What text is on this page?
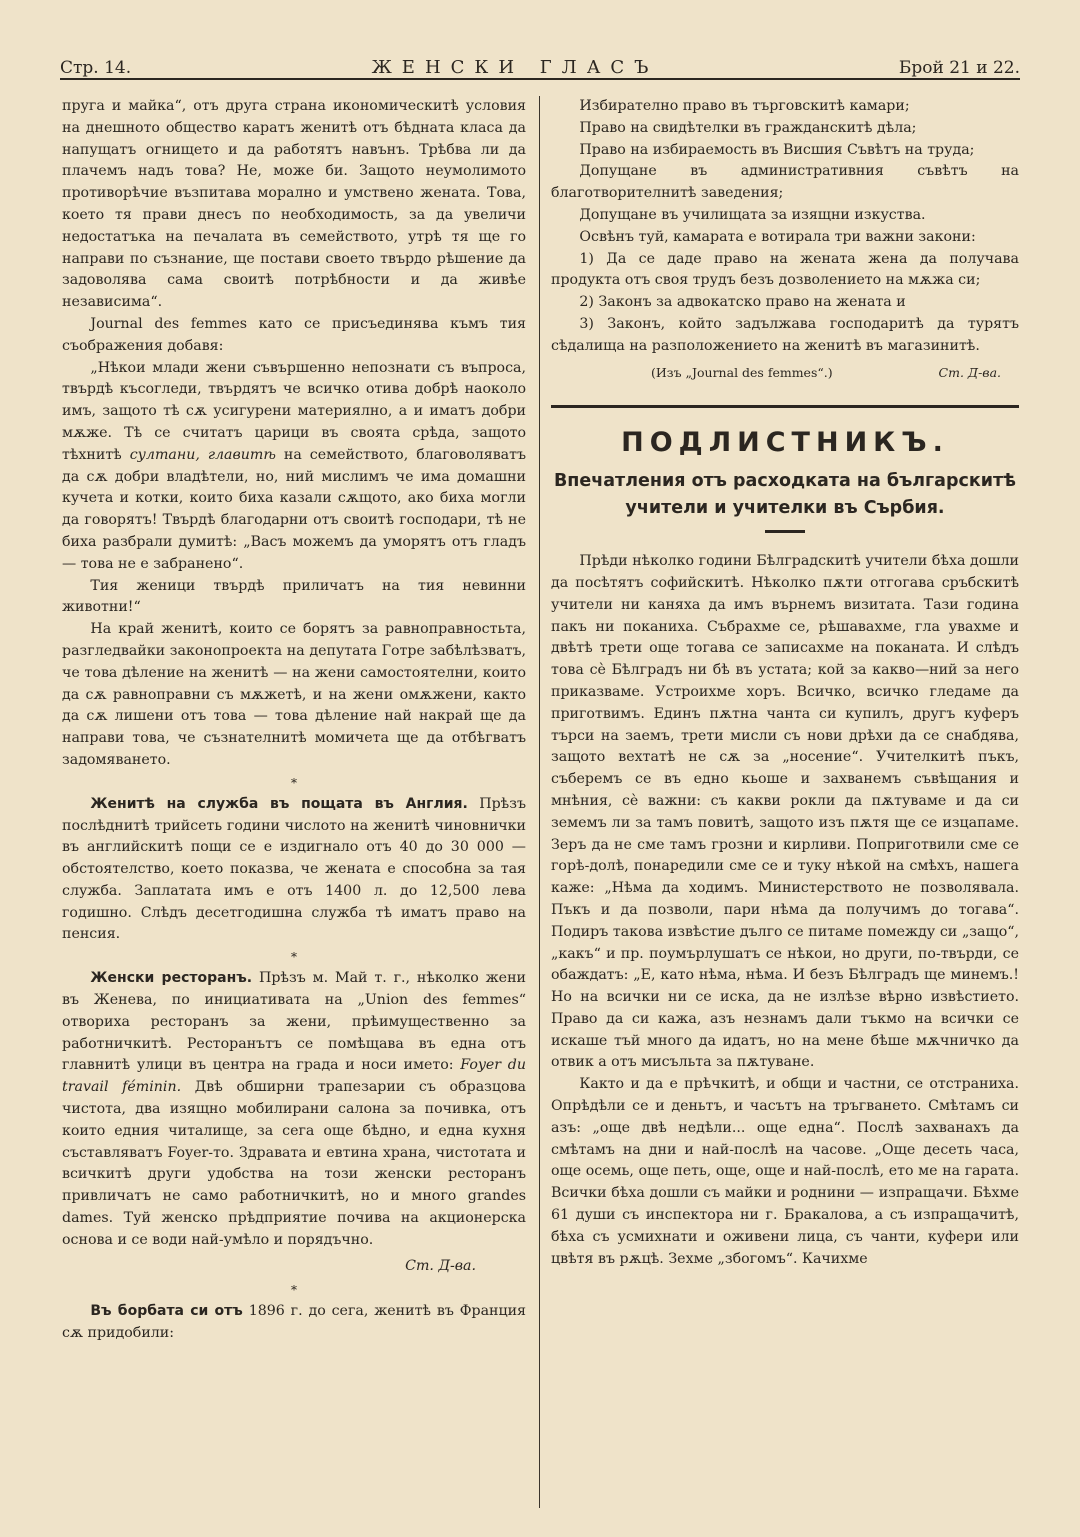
Стр. 14.	ЖЕНСКИ ГЛАСЪ	Брой 21 и 22.

пруга и майка“, отъ друга страна икономическитѣ условия на днешното общество каратъ женитѣ отъ бѣдната класа да напущатъ огнището и да работятъ навънъ. Трѣбва ли да плачемъ надъ това? Не, може би. Защото неумолимото противорѣчие възпитава морално и умствено жената. Това, което тя прави днесъ по необходимость, за да увеличи недостатъка на печалата въ семейството, утрѣ тя ще го направи по съзнание, ще постави своето твърдо рѣшение да задоволява сама своитѣ потрѣбности и да живѣе независима“.

Journal des femmes като се присъединява къмъ тия съображения добавя:

„Нѣкои млади жени съвършенно непознати съ въпроса, твърдѣ късогледи, твърдятъ че всичко отива добрѣ наоколо имъ, защото тѣ сѫ усигурени материялно, а и иматъ добри мѫже. Тѣ се считатъ царици въ своята срѣда, защото тѣхнитѣ султани, главитѣ на семейството, благоволяватъ да сѫ добри владѣтели, но, ний мислимъ че има домашни кучета и котки, които биха казали сѫщото, ако биха могли да говорятъ! Твърдѣ благодарни отъ своитѣ господари, тѣ не биха разбрали думитѣ: „Васъ можемъ да уморятъ отъ гладъ — това не е забранено“.

Тия женици твърдѣ приличатъ на тия невинни животни!“

На край женитѣ, които се борятъ за равноправностьта, разгледвайки законопроекта на депутата Готре забѣлѣзватъ, че това дѣление на женитѣ — на жени самостоятелни, които да сѫ равноправни съ мѫжетѣ, и на жени омѫжени, както да сѫ лишени отъ това — това дѣление най накрай ще да направи това, че съзнателнитѣ момичета ще да отбѣгватъ задомяването.

*

Женитѣ на служба въ пощата въ Англия. Прѣзъ послѣднитѣ трийсеть години числото на женитѣ чиновнички въ английскитѣ пощи се е издигнало отъ 40 до 30 000 — обстоятелство, което показва, че жената е способна за тая служба. Заплатата имъ е отъ 1400 л. до 12,500 лева годишно. Слѣдъ десетгодишна служба тѣ иматъ право на пенсия.

*

Женски ресторанъ. Прѣзъ м. Май т. г., нѣколко жени въ Женева, по инициативата на „Union des femmes“ отвориха ресторанъ за жени, прѣимущественно за работничкитѣ. Ресторанътъ се помѣщава въ една отъ главнитѣ улици въ центра на града и носи името: Foyer du travail féminin. Двѣ обширни трапезарии съ образцова чистота, два изящно мобилирани салона за почивка, отъ които едния читалище, за сега още бѣдно, и една кухня съставляватъ Foyer-то. Здравата и евтина храна, чистотата и всичкитѣ други удобства на този женски ресторанъ привличатъ не само работничкитѣ, но и много grandes dames. Туй женско прѣдприятие почива на акционерска основа и се води най-умѣло и порядъчно.

Ст. Д-ва.
*

Въ борбата си отъ 1896 г. до сега, женитѣ въ Франция сѫ придобили:

Избирателно право въ търговскитѣ камари;

Право на свидѣтелки въ гражданскитѣ дѣла;

Право на избираемость въ Висшия Съвѣтъ на труда;

Допущане въ административния съвѣтъ на благотворителнитѣ заведения;

Допущане въ училищата за изящни изкуства.

Освѣнъ туй, камарата е вотирала три важни закони:

1) Да се даде право на жената жена да получава продукта отъ своя трудъ безъ дозволението на мѫжа си;

2) Законъ за адвокатско право на жената и

3) Законъ, който задължава господаритѣ да турятъ сѣдалища на разположението на женитѣ въ магазинитѣ.

(Изъ „Journal des femmes“.)	Ст. Д-ва.
ПОДЛИСТНИКЪ.
Впечатления отъ расходката на българскитѣ учители и учителки въ Сърбия.

Прѣди нѣколко години Бѣлградскитѣ учители бѣха дошли да посѣтятъ софийскитѣ. Нѣколко пѫти отгогава сръбскитѣ учители ни каняха да имъ върнемъ визитата. Тази година пакъ ни поканиха. Събрахме се, рѣшавахме, гла увахме и двѣтѣ трети още тогава се записахме на поканата. И слѣдъ това сѐ Бѣлградъ ни бѣ въ устата; кой за какво—ний за него приказваме. Устроихме хоръ. Всичко, всичко гледаме да приготвимъ. Единъ пѫтна чанта си купилъ, другъ куферъ търси на заемъ, трети мисли съ нови дрѣхи да се снабдява, защото вехтатѣ не сѫ за „носение“. Учителкитѣ пъкъ, съберемъ се въ едно кьоше и захванемъ съвѣщания и мнѣния, сѐ важни: съ какви рокли да пѫтуваме и да си земемъ ли за тамъ повитѣ, защото изъ пѫтя ще се изцапаме. Зеръ да не сме тамъ грозни и кирливи. Поприготвили сме се горѣ-долѣ, понаредили сме се и туку нѣкой на смѣхъ, нашега каже: „Нѣма да ходимъ. Министерството не позволявала. Пъкъ и да позволи, пари нѣма да получимъ до тогава“. Подиръ такова извѣстие дълго се питаме помежду си „защо“, „какъ“ и пр. поумърлушатъ се нѣкои, но други, по-твърди, се обаждатъ: „Е, като нѣма, нѣма. И безъ Бѣлградъ ще минемъ.! Но на всички ни се иска, да не излѣзе вѣрно извѣстието. Право да си кажа, азъ незнамъ дали тъкмо на всички се искаше тъй много да идатъ, но на мене бѣше мѫчничко да отвик а отъ мисъльта за пѫтуване.

Както и да е прѣчкитѣ, и общи и частни, се отстраниха. Опрѣдѣли се и деньтъ, и часътъ на тръгването. Смѣтамъ си азъ: „още двѣ недѣли... още една“. Послѣ захванахъ да смѣтамъ на дни и най-послѣ на часове. „Още десеть часа, още осемь, още петь, още, още и най-послѣ, ето ме на гарата. Всички бѣха дошли съ майки и роднини — изпращачи. Бѣхме 61 души съ инспектора ни г. Бракалова, а съ изпращачитѣ, бѣха съ усмихнати и оживени лица, съ чанти, куфери или цвѣтя въ рѫцѣ. Зехме „збогомъ“. Качихме
